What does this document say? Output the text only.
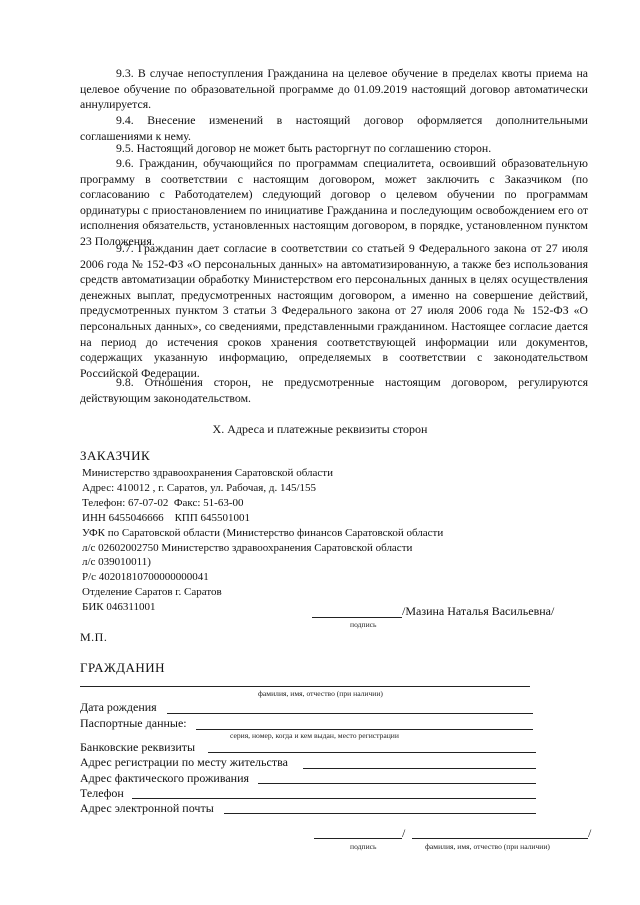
9.3. В случае непоступления Гражданина на целевое обучение в пределах квоты приема на целевое обучение по образовательной программе до 01.09.2019 настоящий договор автоматически аннулируется.

9.4. Внесение изменений в настоящий договор оформляется дополнительными соглашениями к нему.

9.5. Настоящий договор не может быть расторгнут по соглашению сторон.

9.6. Гражданин, обучающийся по программам специалитета, освоивший образовательную программу в соответствии с настоящим договором, может заключить с Заказчиком (по согласованию с Работодателем) следующий договор о целевом обучении по программам ординатуры с приостановлением по инициативе Гражданина и последующим освобождением его от исполнения обязательств, установленных настоящим договором, в порядке, установленном пунктом 23 Положения.

9.7. Гражданин дает согласие в соответствии со статьей 9 Федерального закона от 27 июля 2006 года № 152-ФЗ «О персональных данных» на автоматизированную, а также без использования средств автоматизации обработку Министерством его персональных данных в целях осуществления денежных выплат, предусмотренных настоящим договором, а именно на совершение действий, предусмотренных пунктом 3 статьи 3 Федерального закона от 27 июля 2006 года № 152-ФЗ «О персональных данных», со сведениями, представленными гражданином. Настоящее согласие дается на период до истечения сроков хранения соответствующей информации или документов, содержащих указанную информацию, определяемых в соответствии с законодательством Российской Федерации.

9.8. Отношения сторон, не предусмотренные настоящим договором, регулируются действующим законодательством.

X. Адреса и платежные реквизиты сторон
ЗАКАЗЧИК
Министерство здравоохранения Саратовской области
Адрес: 410012 , г. Саратов, ул. Рабочая, д. 145/155
Телефон: 67-07-02  Факс: 51-63-00
ИНН 6455046666    КПП 645501001
УФК по Саратовской области (Министерство финансов Саратовской области
л/с 02602002750 Министерство здравоохранения Саратовской области
л/с 039010011)
Р/с 40201810700000000041
Отделение Саратов г. Саратов
БИК 046311001	/Мазина Наталья Васильевна/
подпись
М.П.
ГРАЖДАНИН
фамилия, имя, отчество (при наличии)
Дата рождения
Паспортные данные:
серия, номер, когда и кем выдан, место регистрации
Банковские реквизиты
Адрес регистрации по месту жительства
Адрес фактического проживания
Телефон
Адрес электронной почты
/	/
подпись	фамилия, имя, отчество (при наличии)
